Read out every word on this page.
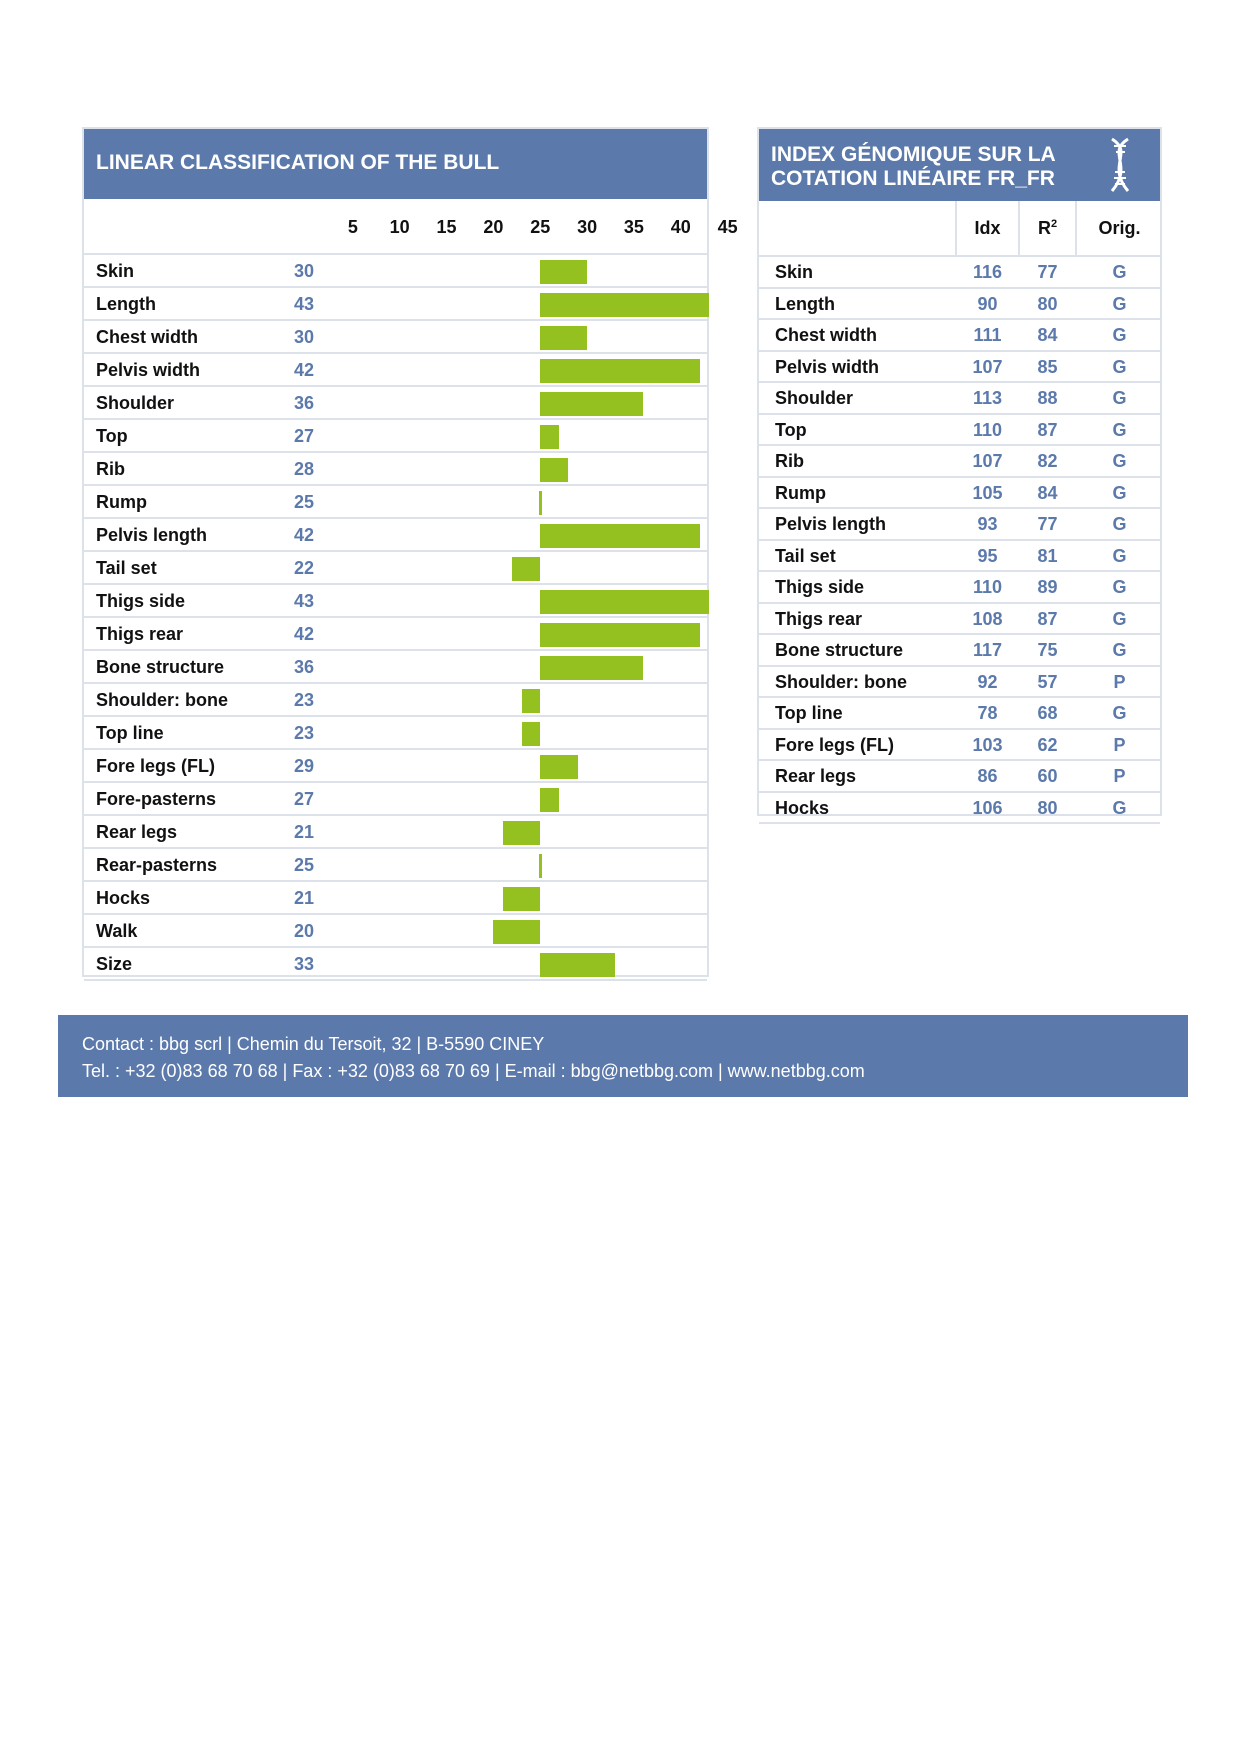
LINEAR CLASSIFICATION OF THE BULL
5	10	15	20	25	30	35	40	45
Skin	30
Length	43
Chest width	30
Pelvis width	42
Shoulder	36
Top	27
Rib	28
Rump	25
Pelvis length	42
Tail set	22
Thigs side	43
Thigs rear	42
Bone structure	36
Shoulder: bone	23
Top line	23
Fore legs (FL)	29
Fore-pasterns	27
Rear legs	21
Rear-pasterns	25
Hocks	21
Walk	20
Size	33
INDEX GÉNOMIQUE SUR LA
COTATION LINÉAIRE FR_FR
Idx	$R^2$	Orig.
Skin	116	77	G
Length	90	80	G
Chest width	111	84	G
Pelvis width	107	85	G
Shoulder	113	88	G
Top	110	87	G
Rib	107	82	G
Rump	105	84	G
Pelvis length	93	77	G
Tail set	95	81	G
Thigs side	110	89	G
Thigs rear	108	87	G
Bone structure	117	75	G
Shoulder: bone	92	57	P
Top line	78	68	G
Fore legs (FL)	103	62	P
Rear legs	86	60	P
Hocks	106	80	G
Contact : bbg scrl | Chemin du Tersoit, 32 | B-5590 CINEY
Tel. : +32 (0)83 68 70 68 | Fax : +32 (0)83 68 70 69 | E-mail : bbg@netbbg.com | www.netbbg.com
